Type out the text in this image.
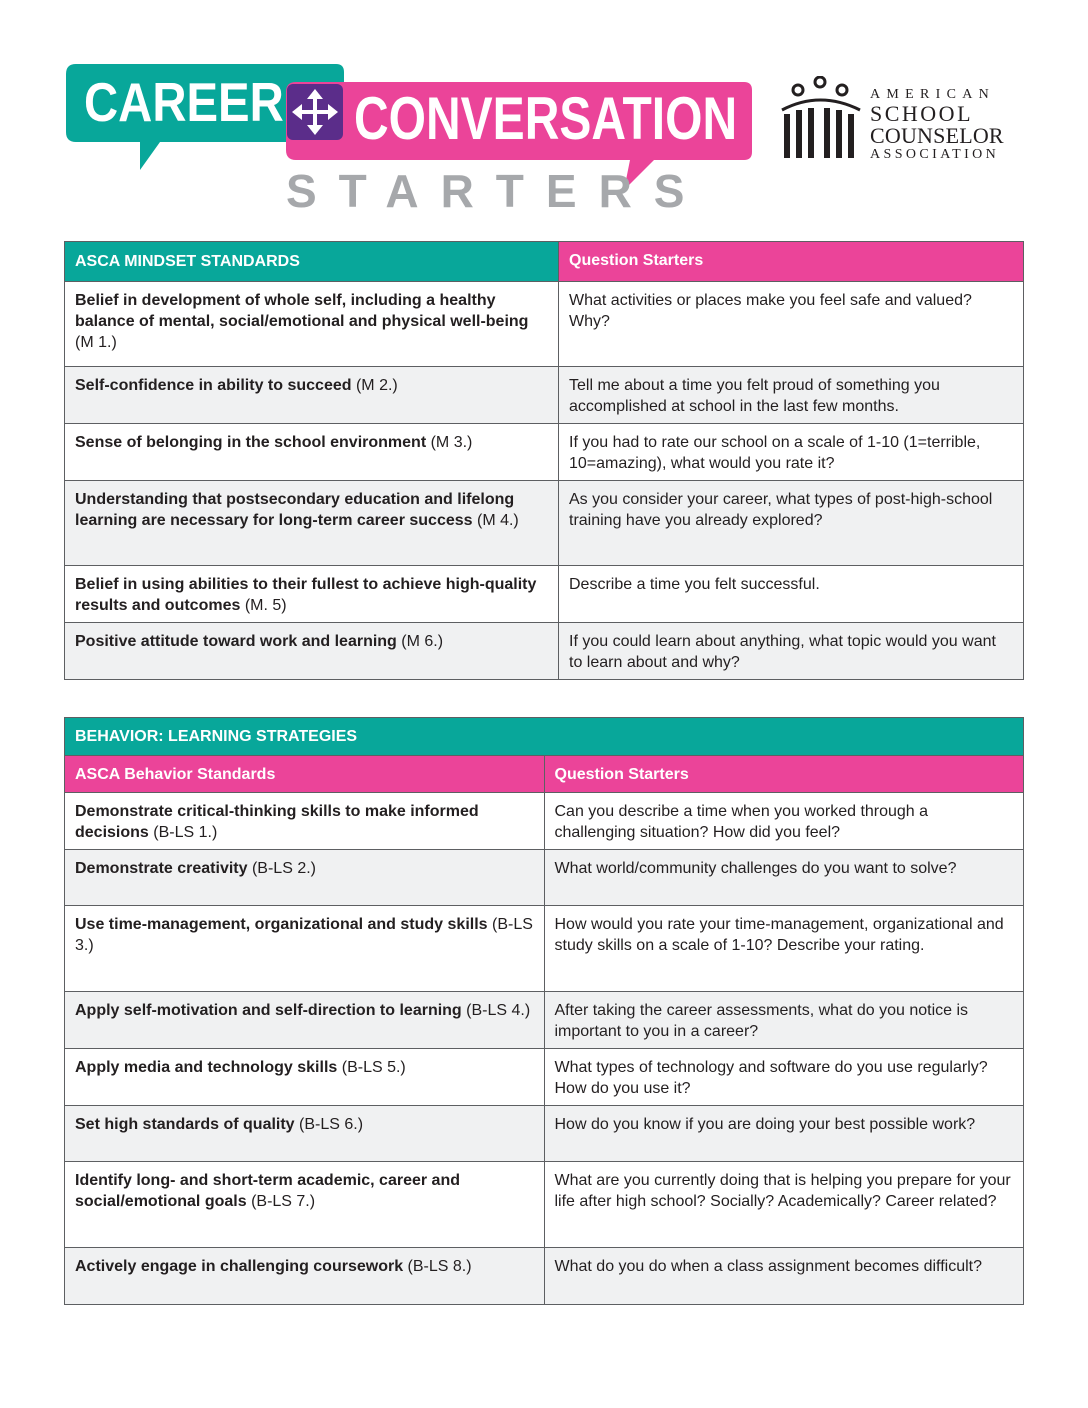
CAREER CONVERSATION
STARTERS
AMERICAN
SCHOOL
COUNSELOR
ASSOCIATION
ASCA MINDSET STANDARDS	Question Starters
Belief in development of whole self, including a healthy balance of mental, social/emotional and physical well-being (M 1.)	What activities or places make you feel safe and valued? Why?
Self-confidence in ability to succeed (M 2.)	Tell me about a time you felt proud of something you accomplished at school in the last few months.
Sense of belonging in the school environment (M 3.)	If you had to rate our school on a scale of 1-10 (1=terrible, 10=amazing), what would you rate it?
Understanding that postsecondary education and lifelong learning are necessary for long-term career success (M 4.)	As you consider your career, what types of post-high-school training have you already explored?
Belief in using abilities to their fullest to achieve high-quality results and outcomes (M. 5)	Describe a time you felt successful.
Positive attitude toward work and learning (M 6.)	If you could learn about anything, what topic would you want to learn about and why?
BEHAVIOR: LEARNING STRATEGIES	
ASCA Behavior Standards	Question Starters
Demonstrate critical-thinking skills to make informed decisions (B-LS 1.)	Can you describe a time when you worked through a challenging situation? How did you feel?
Demonstrate creativity (B-LS 2.)	What world/community challenges do you want to solve?
Use time-management, organizational and study skills (B-LS 3.)	How would you rate your time-management, organizational and study skills on a scale of 1-10? Describe your rating.
Apply self-motivation and self-direction to learning (B-LS 4.)	After taking the career assessments, what do you notice is important to you in a career?
Apply media and technology skills (B-LS 5.)	What types of technology and software do you use regularly? How do you use it?
Set high standards of quality (B-LS 6.)	How do you know if you are doing your best possible work?
Identify long- and short-term academic, career and social/emotional goals (B-LS 7.)	What are you currently doing that is helping you prepare for your life after high school? Socially? Academically? Career related?
Actively engage in challenging coursework (B-LS 8.)	What do you do when a class assignment becomes difficult?
